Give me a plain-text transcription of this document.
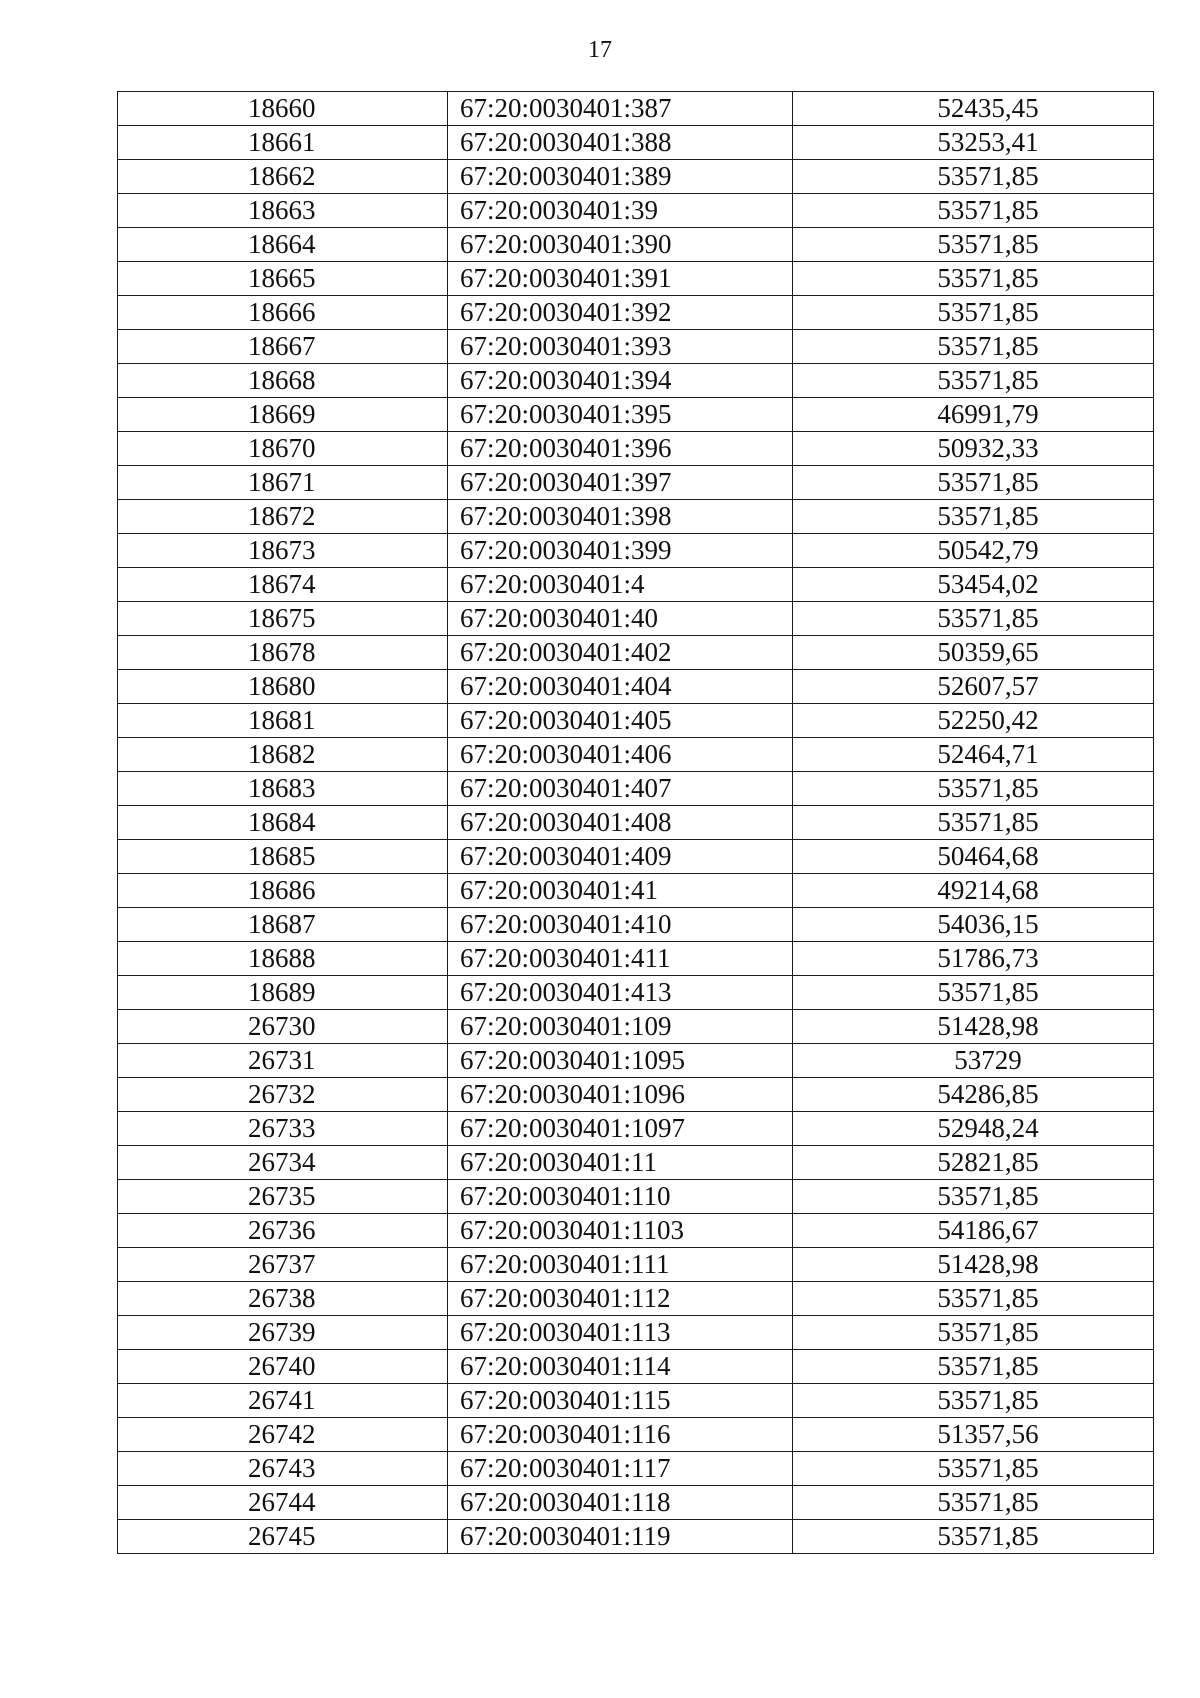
17
18660	67:20:0030401:387	52435,45
18661	67:20:0030401:388	53253,41
18662	67:20:0030401:389	53571,85
18663	67:20:0030401:39	53571,85
18664	67:20:0030401:390	53571,85
18665	67:20:0030401:391	53571,85
18666	67:20:0030401:392	53571,85
18667	67:20:0030401:393	53571,85
18668	67:20:0030401:394	53571,85
18669	67:20:0030401:395	46991,79
18670	67:20:0030401:396	50932,33
18671	67:20:0030401:397	53571,85
18672	67:20:0030401:398	53571,85
18673	67:20:0030401:399	50542,79
18674	67:20:0030401:4	53454,02
18675	67:20:0030401:40	53571,85
18678	67:20:0030401:402	50359,65
18680	67:20:0030401:404	52607,57
18681	67:20:0030401:405	52250,42
18682	67:20:0030401:406	52464,71
18683	67:20:0030401:407	53571,85
18684	67:20:0030401:408	53571,85
18685	67:20:0030401:409	50464,68
18686	67:20:0030401:41	49214,68
18687	67:20:0030401:410	54036,15
18688	67:20:0030401:411	51786,73
18689	67:20:0030401:413	53571,85
26730	67:20:0030401:109	51428,98
26731	67:20:0030401:1095	53729
26732	67:20:0030401:1096	54286,85
26733	67:20:0030401:1097	52948,24
26734	67:20:0030401:11	52821,85
26735	67:20:0030401:110	53571,85
26736	67:20:0030401:1103	54186,67
26737	67:20:0030401:111	51428,98
26738	67:20:0030401:112	53571,85
26739	67:20:0030401:113	53571,85
26740	67:20:0030401:114	53571,85
26741	67:20:0030401:115	53571,85
26742	67:20:0030401:116	51357,56
26743	67:20:0030401:117	53571,85
26744	67:20:0030401:118	53571,85
26745	67:20:0030401:119	53571,85
